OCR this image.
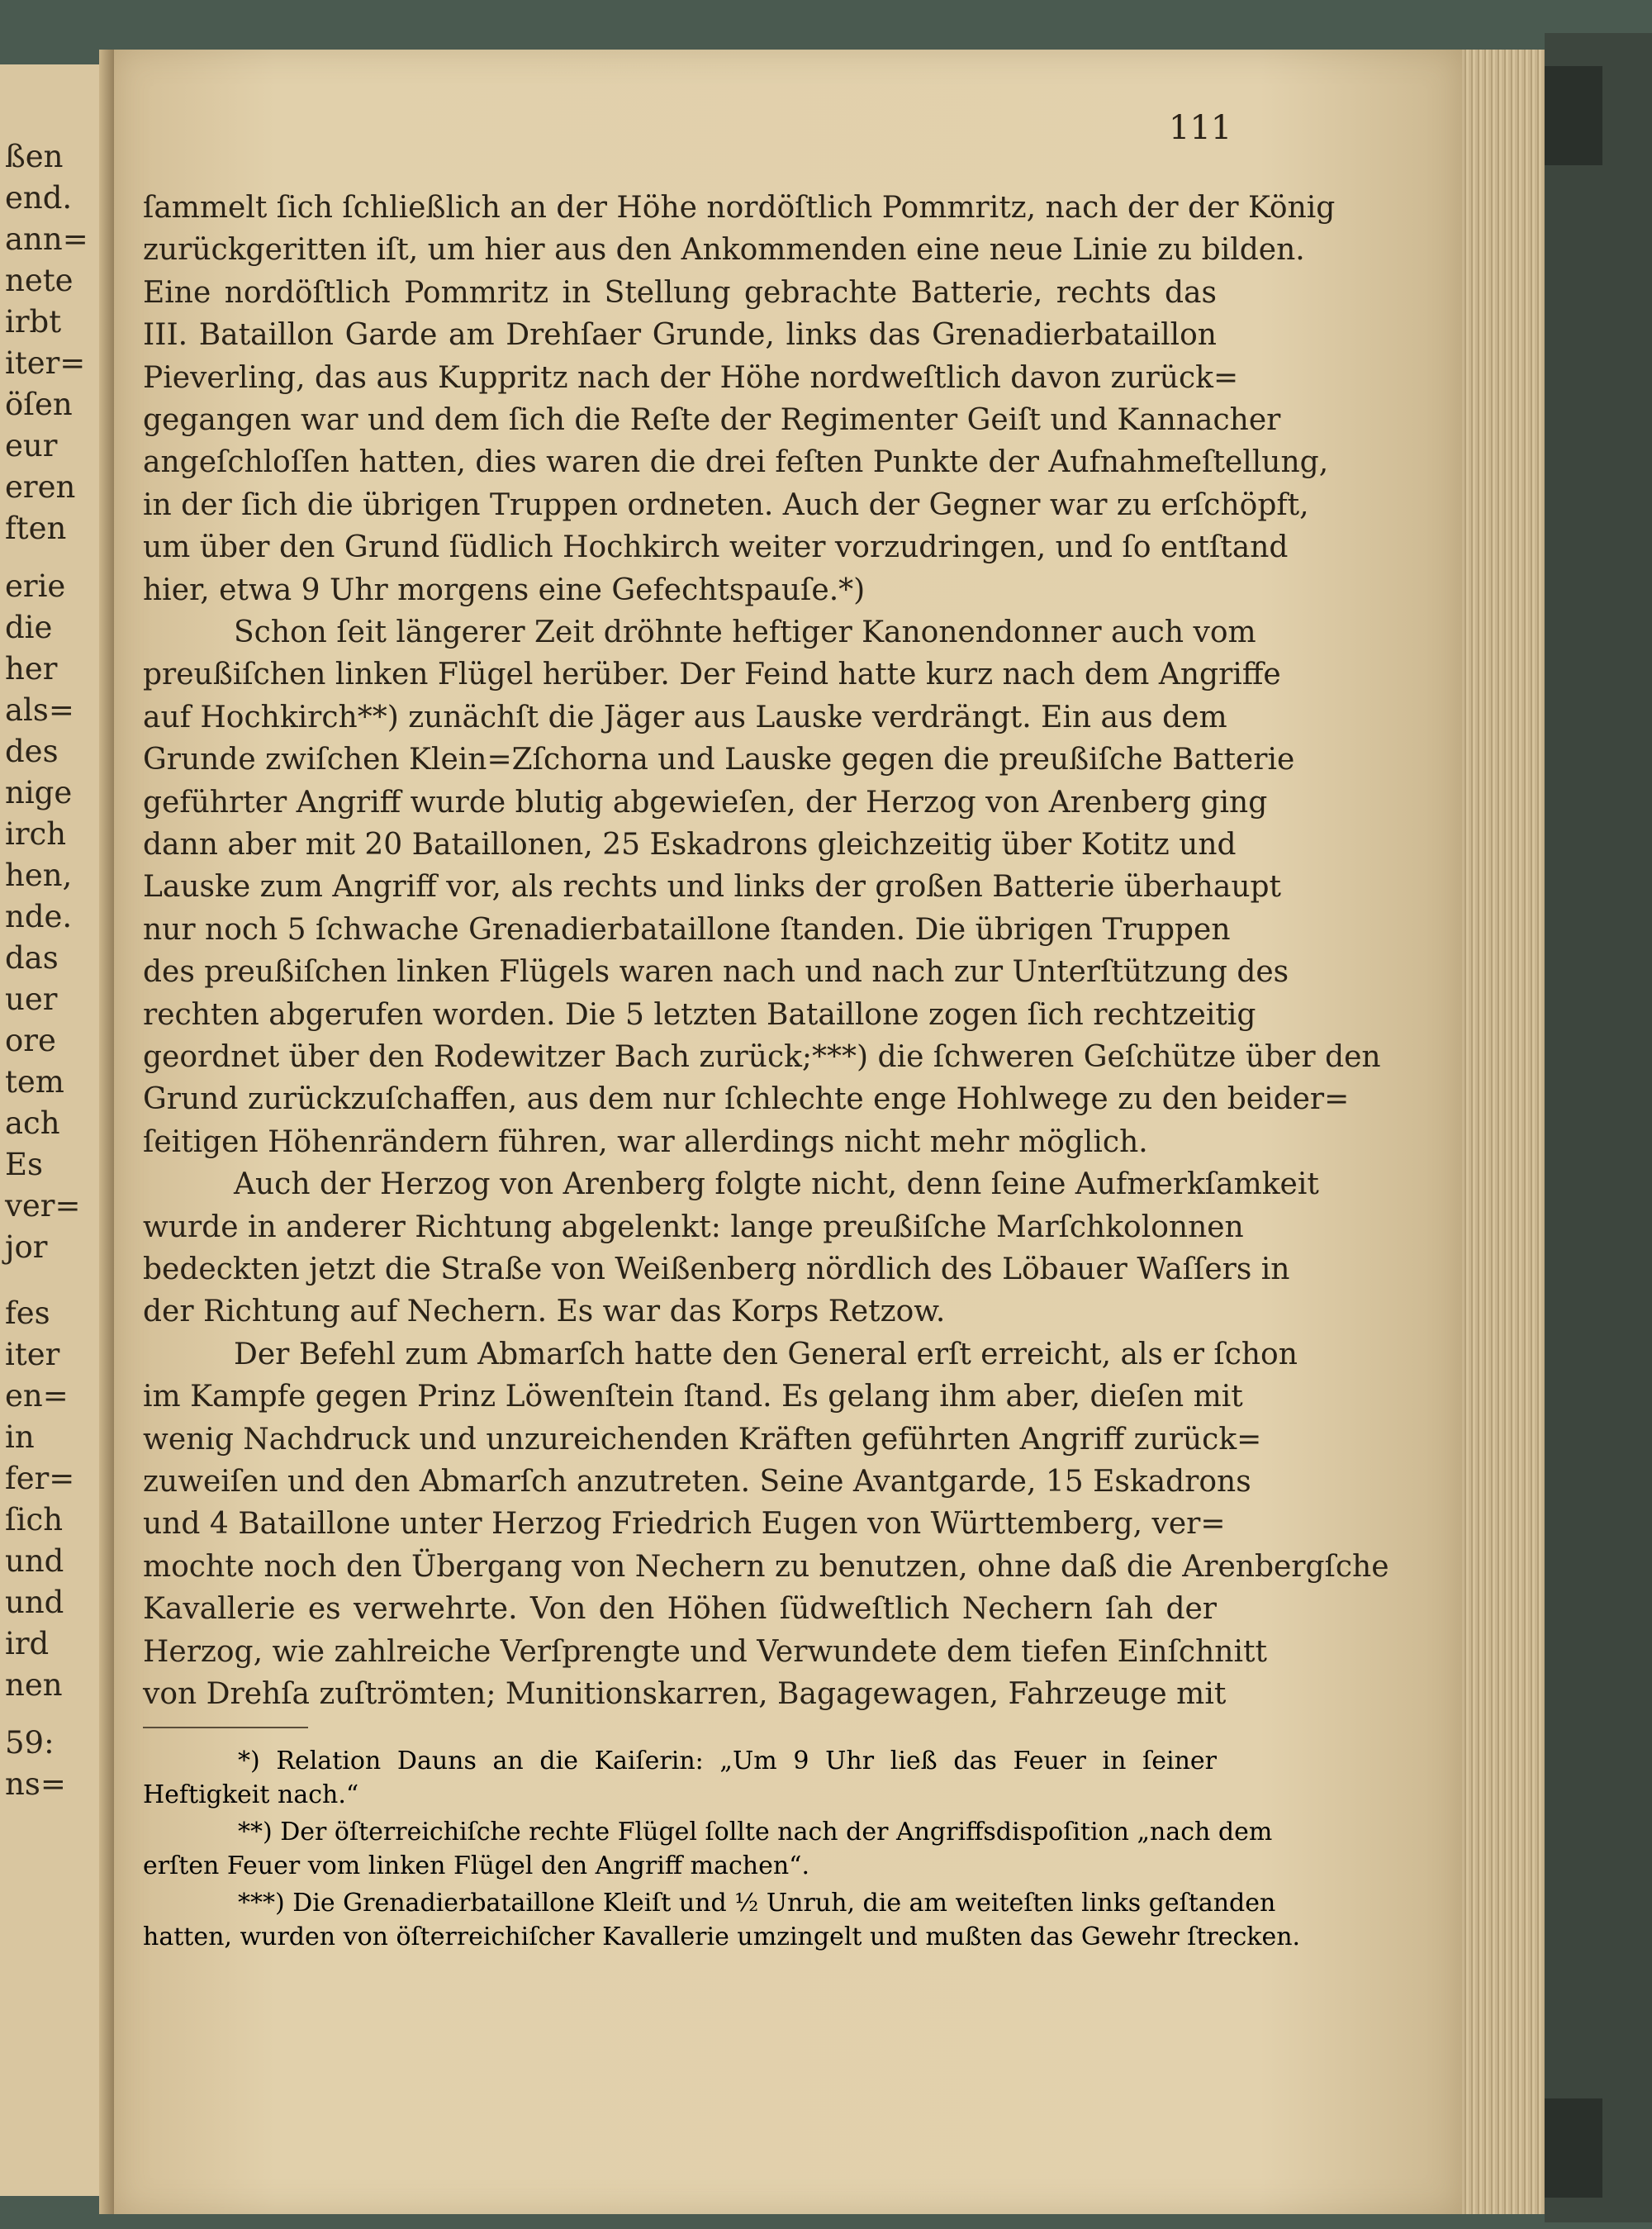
ßen
end.
ann=
nete
irbt
iter=
öſen
eur
eren
ften
erie
die
her
als=
des
nige
irch
hen,
nde.
das
uer
ore
tem
ach
Es
ver=
jor
fes
iter
en=
in
fer=
ſich
und
und
ird
nen
59:
ns=
111
ſammelt ſich ſchließlich an der Höhe nordöſtlich Pommritz, nach der der König
zurückgeritten iſt, um hier aus den Ankommenden eine neue Linie zu bilden.
Eine nordöſtlich Pommritz in Stellung gebrachte Batterie, rechts das
III. Bataillon Garde am Drehſaer Grunde, links das Grenadierbataillon
Pieverling, das aus Kuppritz nach der Höhe nordweſtlich davon zurück=
gegangen war und dem ſich die Reſte der Regimenter Geiſt und Kannacher
angeſchloſſen hatten, dies waren die drei feſten Punkte der Aufnahmeſtellung,
in der ſich die übrigen Truppen ordneten. Auch der Gegner war zu erſchöpft,
um über den Grund ſüdlich Hochkirch weiter vorzudringen, und ſo entſtand
hier, etwa 9 Uhr morgens eine Gefechtspauſe.*)
Schon ſeit längerer Zeit dröhnte heftiger Kanonendonner auch vom
preußiſchen linken Flügel herüber. Der Feind hatte kurz nach dem Angriffe
auf Hochkirch**) zunächſt die Jäger aus Lauske verdrängt. Ein aus dem
Grunde zwiſchen Klein=Zſchorna und Lauske gegen die preußiſche Batterie
geführter Angriff wurde blutig abgewieſen, der Herzog von Arenberg ging
dann aber mit 20 Bataillonen, 25 Eskadrons gleichzeitig über Kotitz und
Lauske zum Angriff vor, als rechts und links der großen Batterie überhaupt
nur noch 5 ſchwache Grenadierbataillone ſtanden. Die übrigen Truppen
des preußiſchen linken Flügels waren nach und nach zur Unterſtützung des
rechten abgerufen worden. Die 5 letzten Bataillone zogen ſich rechtzeitig
geordnet über den Rodewitzer Bach zurück;***) die ſchweren Geſchütze über den
Grund zurückzuſchaffen, aus dem nur ſchlechte enge Hohlwege zu den beider=
ſeitigen Höhenrändern führen, war allerdings nicht mehr möglich.
Auch der Herzog von Arenberg folgte nicht, denn ſeine Aufmerkſamkeit
wurde in anderer Richtung abgelenkt: lange preußiſche Marſchkolonnen
bedeckten jetzt die Straße von Weißenberg nördlich des Löbauer Waſſers in
der Richtung auf Nechern. Es war das Korps Retzow.
Der Befehl zum Abmarſch hatte den General erſt erreicht, als er ſchon
im Kampfe gegen Prinz Löwenſtein ſtand. Es gelang ihm aber, dieſen mit
wenig Nachdruck und unzureichenden Kräften geführten Angriff zurück=
zuweiſen und den Abmarſch anzutreten. Seine Avantgarde, 15 Eskadrons
und 4 Bataillone unter Herzog Friedrich Eugen von Württemberg, ver=
mochte noch den Übergang von Nechern zu benutzen, ohne daß die Arenbergſche
Kavallerie es verwehrte. Von den Höhen ſüdweſtlich Nechern ſah der
Herzog, wie zahlreiche Verſprengte und Verwundete dem tiefen Einſchnitt
von Drehſa zuſtrömten; Munitionskarren, Bagagewagen, Fahrzeuge mit
*) Relation Dauns an die Kaiſerin: „Um 9 Uhr ließ das Feuer in ſeiner
Heftigkeit nach.“
**) Der öſterreichiſche rechte Flügel ſollte nach der Angriffsdispoſition „nach dem
erſten Feuer vom linken Flügel den Angriff machen“.
***) Die Grenadierbataillone Kleiſt und ½ Unruh, die am weiteſten links geſtanden
hatten, wurden von öſterreichiſcher Kavallerie umzingelt und mußten das Gewehr ſtrecken.
